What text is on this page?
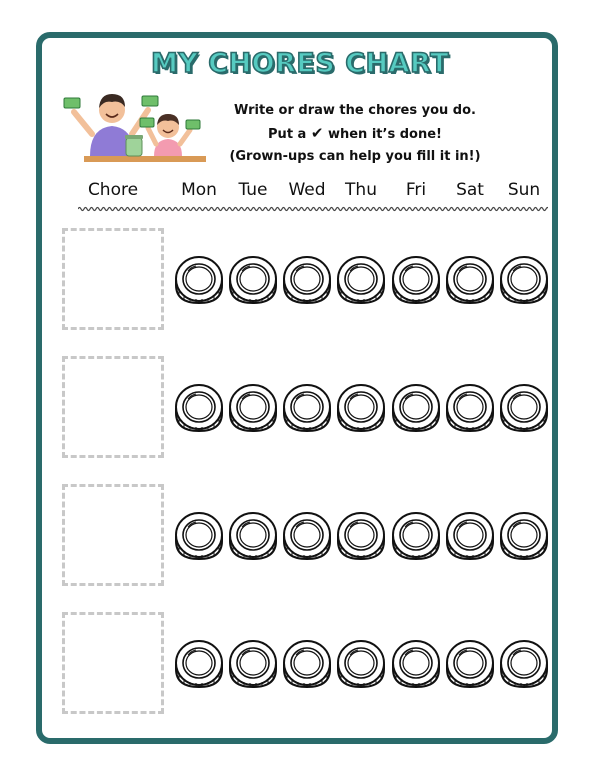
MY CHORES CHART
Write or draw the chores you do.
Put a ✔ when it’s done!
(Grown-ups can help you fill it in!)
Chore	Mon	Tue	Wed	Thu	Fri	Sat	Sun
